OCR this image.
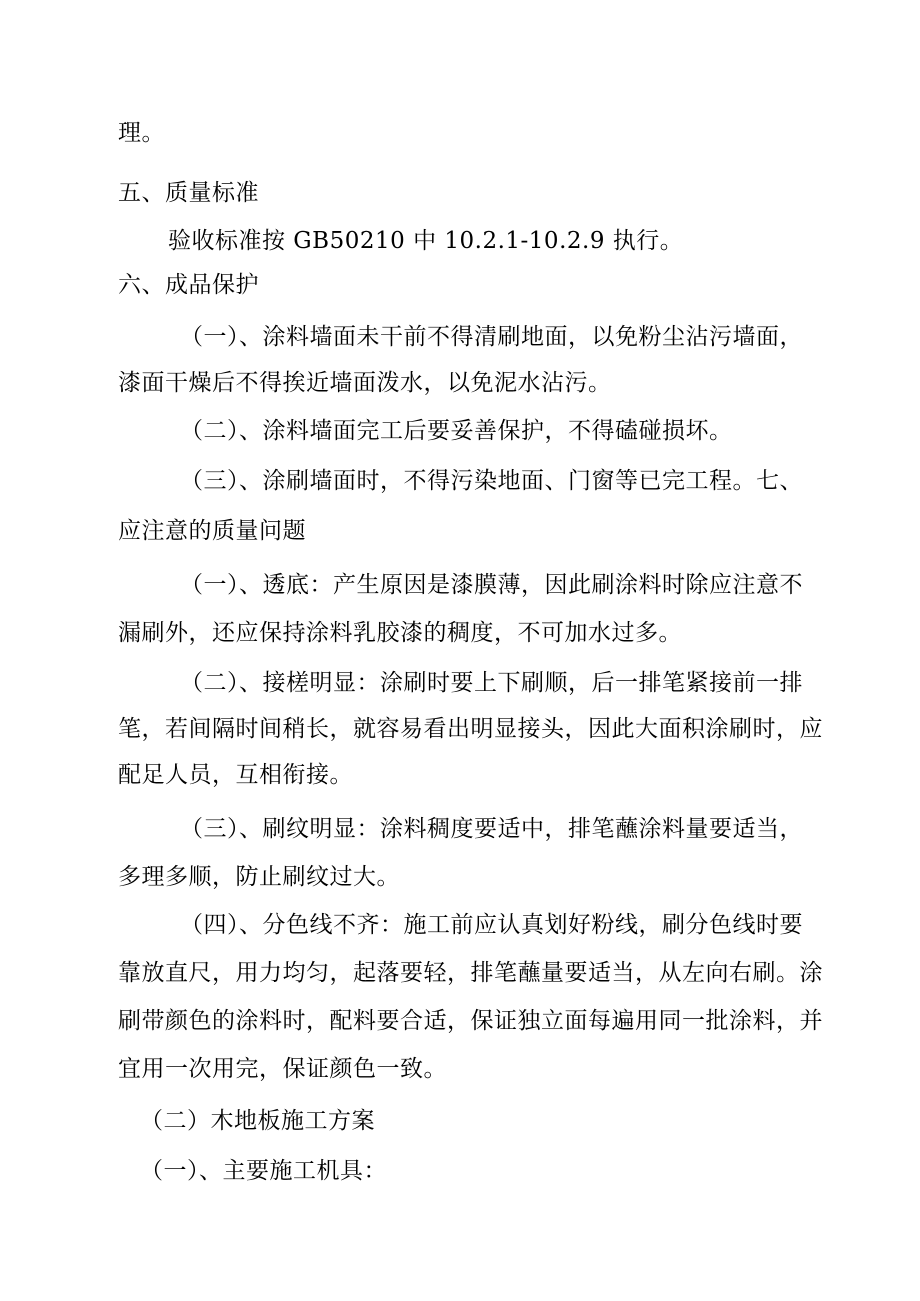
理。
五、质量标准
验收标准按 GB50210 中 10.2.1-10.2.9 执行。
六、成品保护
（一）、涂料墙面未干前不得清刷地面，以免粉尘沾污墙面，
漆面干燥后不得挨近墙面泼水，以免泥水沾污。
（二）、涂料墙面完工后要妥善保护，不得磕碰损坏。
（三）、涂刷墙面时，不得污染地面、门窗等已完工程。七、
应注意的质量问题
（一）、透底：产生原因是漆膜薄，因此刷涂料时除应注意不
漏刷外，还应保持涂料乳胶漆的稠度，不可加水过多。
（二）、接槎明显：涂刷时要上下刷顺，后一排笔紧接前一排
笔，若间隔时间稍长，就容易看出明显接头，因此大面积涂刷时，应
配足人员，互相衔接。
（三）、刷纹明显：涂料稠度要适中，排笔蘸涂料量要适当，
多理多顺，防止刷纹过大。
（四）、分色线不齐：施工前应认真划好粉线，刷分色线时要
靠放直尺，用力均匀，起落要轻，排笔蘸量要适当，从左向右刷。涂
刷带颜色的涂料时，配料要合适，保证独立面每遍用同一批涂料，并
宜用一次用完，保证颜色一致。
（二）木地板施工方案
（一）、主要施工机具：
